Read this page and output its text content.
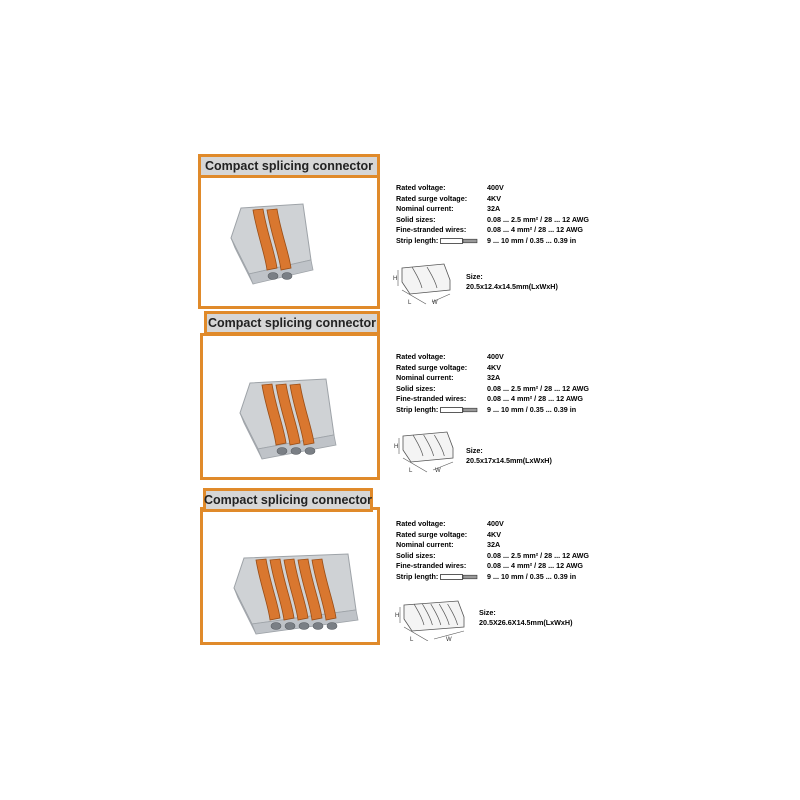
Compact splicing connector
Rated voltage:	400V
Rated surge voltage:	4KV
Nominal current:	32A
Solid sizes:	0.08 ... 2.5 mm² / 28 ... 12 AWG
Fine-stranded wires:	0.08 ... 4 mm² / 28 ... 12 AWG
Strip length:	9 ... 10 mm / 0.35 ... 0.39 in
H
L	W
Size:
20.5x12.4x14.5mm(LxWxH)
Compact splicing connector
Rated voltage:	400V
Rated surge voltage:	4KV
Nominal current:	32A
Solid sizes:	0.08 ... 2.5 mm² / 28 ... 12 AWG
Fine-stranded wires:	0.08 ... 4 mm² / 28 ... 12 AWG
Strip length:	9 ... 10 mm / 0.35 ... 0.39 in
H
L	W
Size:
20.5x17x14.5mm(LxWxH)
Compact splicing connector
Rated voltage:	400V
Rated surge voltage:	4KV
Nominal current:	32A
Solid sizes:	0.08 ... 2.5 mm² / 28 ... 12 AWG
Fine-stranded wires:	0.08 ... 4 mm² / 28 ... 12 AWG
Strip length:	9 ... 10 mm / 0.35 ... 0.39 in
H
L	W
Size:
20.5X26.6X14.5mm(LxWxH)
